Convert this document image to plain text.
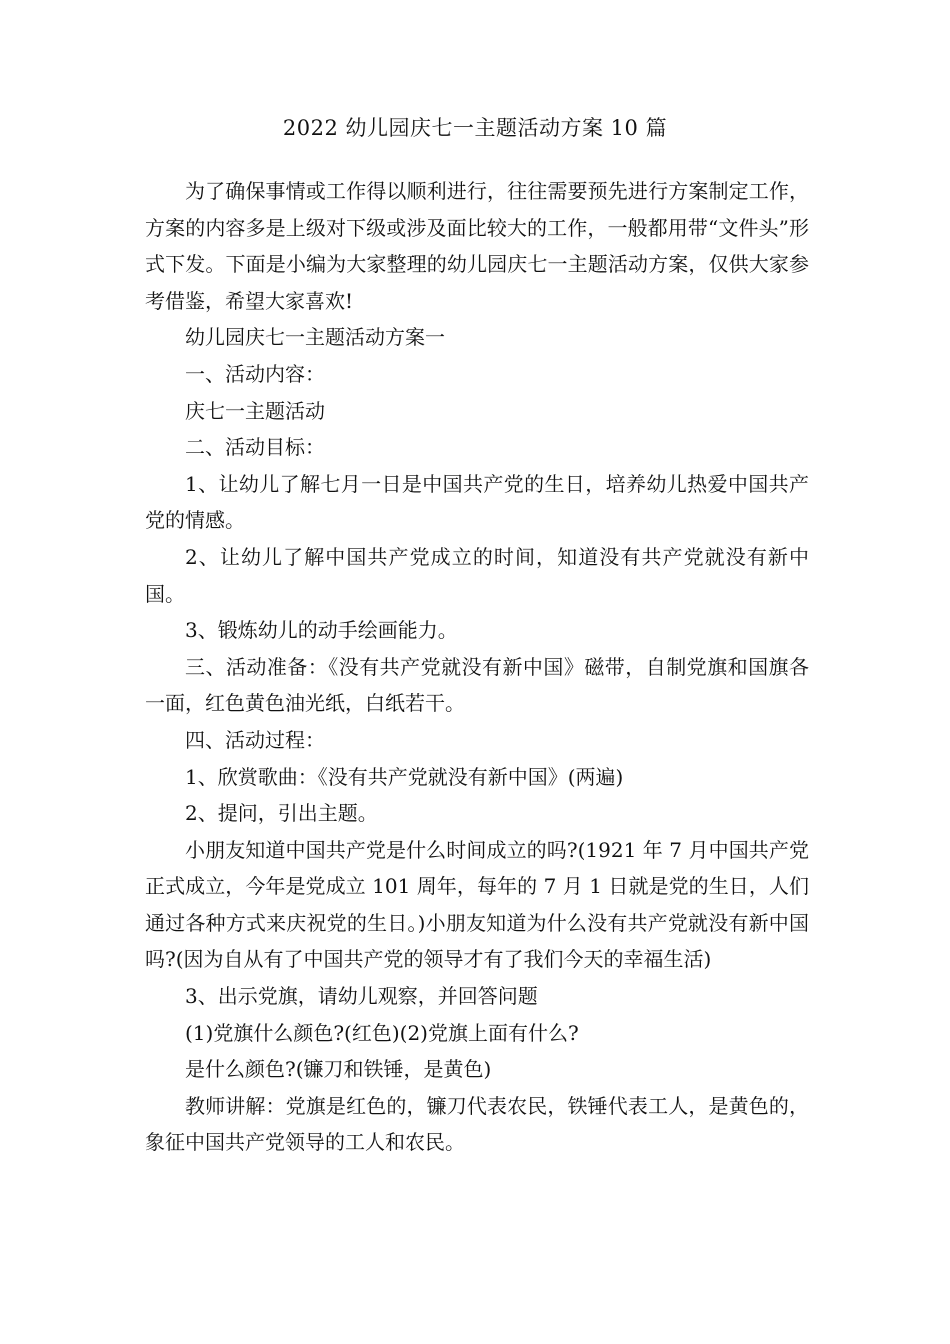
2022 幼儿园庆七一主题活动方案 10 篇

为了确保事情或工作得以顺利进行，往往需要预先进行方案制定工作，方案的内容多是上级对下级或涉及面比较大的工作，一般都用带“文件头”形式下发。下面是小编为大家整理的幼儿园庆七一主题活动方案，仅供大家参考借鉴，希望大家喜欢!

幼儿园庆七一主题活动方案一

一、活动内容：

庆七一主题活动

二、活动目标：

1、让幼儿了解七月一日是中国共产党的生日，培养幼儿热爱中国共产党的情感。

2、让幼儿了解中国共产党成立的时间，知道没有共产党就没有新中国。

3、锻炼幼儿的动手绘画能力。

三、活动准备：《没有共产党就没有新中国》磁带，自制党旗和国旗各一面，红色黄色油光纸，白纸若干。

四、活动过程：

1、欣赏歌曲：《没有共产党就没有新中国》(两遍)

2、提问，引出主题。

小朋友知道中国共产党是什么时间成立的吗?(1921 年 7 月中国共产党正式成立，今年是党成立 101 周年，每年的 7 月 1 日就是党的生日，人们通过各种方式来庆祝党的生日。)小朋友知道为什么没有共产党就没有新中国吗?(因为自从有了中国共产党的领导才有了我们今天的幸福生活)

3、出示党旗，请幼儿观察，并回答问题

(1)党旗什么颜色?(红色)(2)党旗上面有什么?

是什么颜色?(镰刀和铁锤，是黄色)

教师讲解：党旗是红色的，镰刀代表农民，铁锤代表工人，是黄色的，象征中国共产党领导的工人和农民。
